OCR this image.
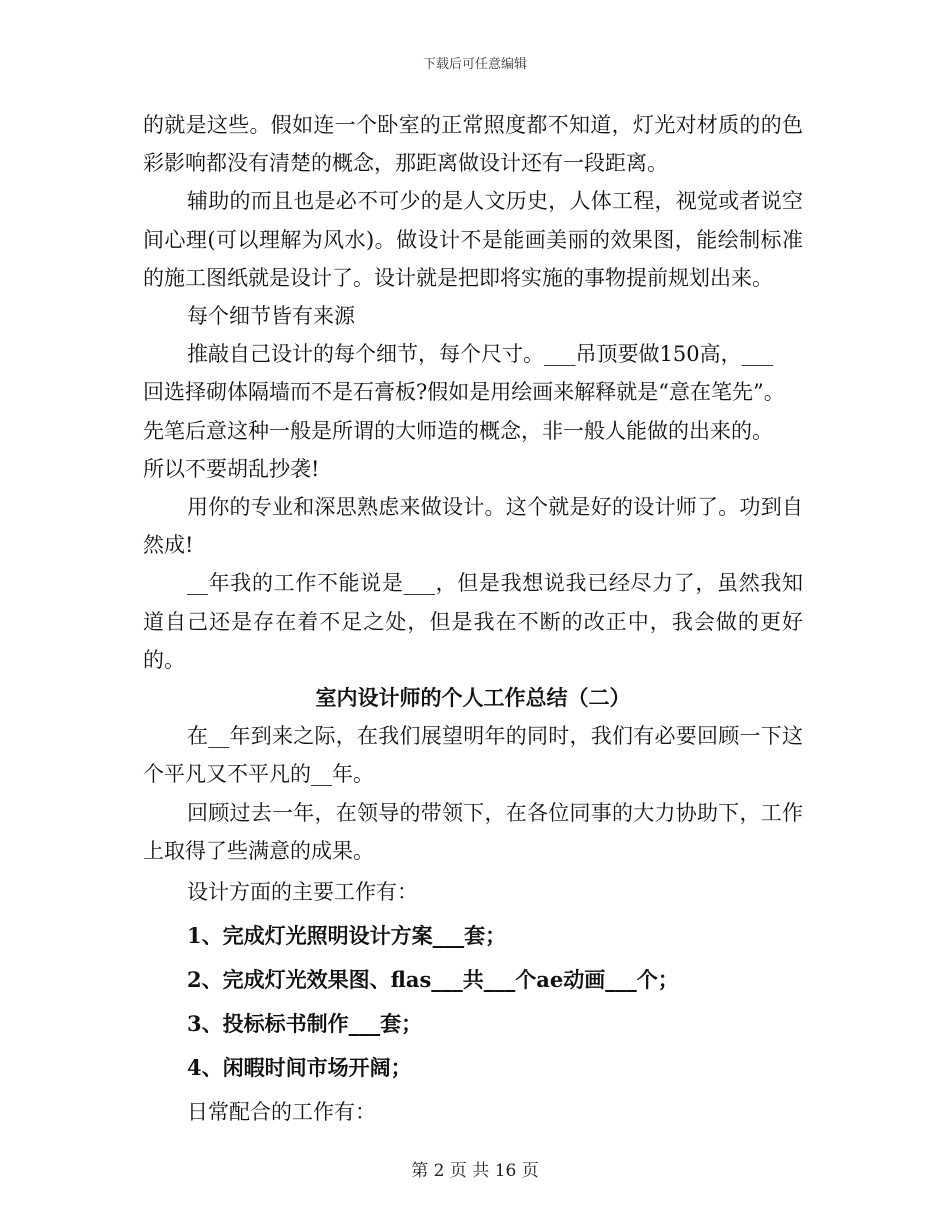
下载后可任意编辑

的就是这些。假如连一个卧室的正常照度都不知道，灯光对材质的的色彩影响都没有清楚的概念，那距离做设计还有一段距离。

辅助的而且也是必不可少的是人文历史，人体工程，视觉或者说空间心理(可以理解为风水)。做设计不是能画美丽的效果图，能绘制标准的施工图纸就是设计了。设计就是把即将实施的事物提前规划出来。

每个细节皆有来源

推敲自己设计的每个细节，每个尺寸。___吊顶要做150高，___

回选择砌体隔墙而不是石膏板?假如是用绘画来解释就是“意在笔先”。

先笔后意这种一般是所谓的大师造的概念，非一般人能做的出来的。

所以不要胡乱抄袭!

用你的专业和深思熟虑来做设计。这个就是好的设计师了。功到自然成!

__年我的工作不能说是___，但是我想说我已经尽力了，虽然我知道自己还是存在着不足之处，但是我在不断的改正中，我会做的更好的。

室内设计师的个人工作总结（二）

在__年到来之际，在我们展望明年的同时，我们有必要回顾一下这个平凡又不平凡的__年。

回顾过去一年，在领导的带领下，在各位同事的大力协助下，工作上取得了些满意的成果。

设计方面的主要工作有：

1、完成灯光照明设计方案___套；

2、完成灯光效果图、flas___共___个ae动画___个；

3、投标标书制作___套；

4、闲暇时间市场开阔；

日常配合的工作有：

第 2 页 共 16 页
